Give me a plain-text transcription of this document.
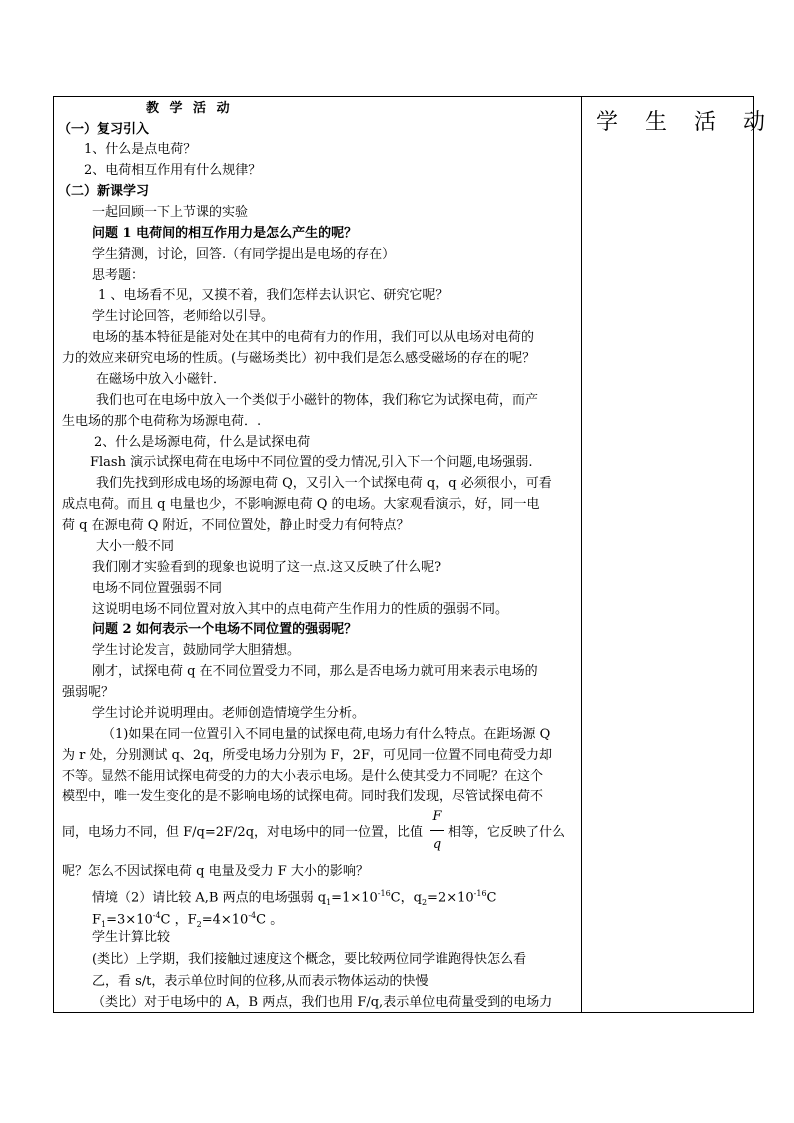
教 学 活 动
（一）复习引入
1、什么是点电荷？
2、电荷相互作用有什么规律？
（二）新课学习
一起回顾一下上节课的实验
问题 1 电荷间的相互作用力是怎么产生的呢？
学生猜测，讨论，回答.（有同学提出是电场的存在）
思考题：
1 、电场看不见，又摸不着，我们怎样去认识它、研究它呢？
学生讨论回答，老师给以引导。
电场的基本特征是能对处在其中的电荷有力的作用，我们可以从电场对电荷的
力的效应来研究电场的性质。(与磁场类比）初中我们是怎么感受磁场的存在的呢？
在磁场中放入小磁针．
我们也可在电场中放入一个类似于小磁针的物体，我们称它为试探电荷，而产
生电场的那个电荷称为场源电荷．.
2、什么是场源电荷，什么是试探电荷
Flash 演示试探电荷在电场中不同位置的受力情况,引入下一个问题,电场强弱.
我们先找到形成电场的场源电荷 Q，又引入一个试探电荷 q，q 必须很小，可看
成点电荷。而且 q 电量也少，不影响源电荷 Q 的电场。大家观看演示，好，同一电
荷 q 在源电荷 Q 附近，不同位置处，静止时受力有何特点？
大小一般不同
我们刚才实验看到的现象也说明了这一点.这又反映了什么呢?
电场不同位置强弱不同
这说明电场不同位置对放入其中的点电荷产生作用力的性质的强弱不同。
问题 2 如何表示一个电场不同位置的强弱呢？
学生讨论发言，鼓励同学大胆猜想。
刚才，试探电荷 q 在不同位置受力不同，那么是否电场力就可用来表示电场的
强弱呢？
学生讨论并说明理由。老师创造情境学生分析。
（1)如果在同一位置引入不同电量的试探电荷,电场力有什么特点。在距场源 Q
为 r 处，分别测试 q、2q，所受电场力分别为 F，2F，可见同一位置不同电荷受力却
不等。显然不能用试探电荷受的力的大小表示电场。是什么使其受力不同呢？在这个
模型中，唯一发生变化的是不影响电场的试探电荷。同时我们发现，尽管试探电荷不
同，电场力不同，但 F/q=2F/2q，对电场中的同一位置，比值
F
q
相等，它反映了什么
呢？怎么不因试探电荷 q 电量及受力 F 大小的影响？
情境（2）请比较 A,B 两点的电场强弱 $q_1=1\times 10^{-16}C$，$q_2=2\times 10^{-16}C$
$F_1=3\times 10^{-4}C$ ，$F_2=4\times 10^{-4}C$ 。
学生计算比较
(类比）上学期，我们接触过速度这个概念，要比较两位同学谁跑得快怎么看
乙，看 s/t，表示单位时间的位移,从而表示物体运动的快慢
（类比）对于电场中的 A，B 两点，我们也用 F/q,表示单位电荷量受到的电场力
学 生 活 动
